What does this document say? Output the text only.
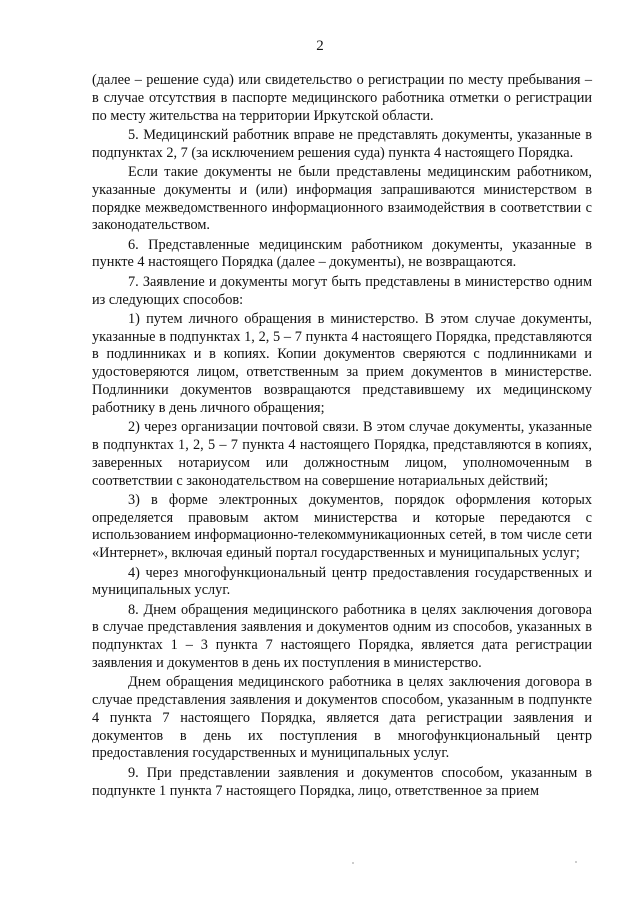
2

(далее – решение суда) или свидетельство о регистрации по месту пребывания – в случае отсутствия в паспорте медицинского работника отметки о регистрации по месту жительства на территории Иркутской области.

5. Медицинский работник вправе не представлять документы, указанные в подпунктах 2, 7 (за исключением решения суда) пункта 4 настоящего Порядка.

Если такие документы не были представлены медицинским работником, указанные документы и (или) информация запрашиваются министерством в порядке межведомственного информационного взаимодействия в соответствии с законодательством.

6. Представленные медицинским работником документы, указанные в пункте 4 настоящего Порядка (далее – документы), не возвращаются.

7. Заявление и документы могут быть представлены в министерство одним из следующих способов:

1) путем личного обращения в министерство. В этом случае документы, указанные в подпунктах 1, 2, 5 – 7 пункта 4 настоящего Порядка, представляются в подлинниках и в копиях. Копии документов сверяются с подлинниками и удостоверяются лицом, ответственным за прием документов в министерстве. Подлинники документов возвращаются представившему их медицинскому работнику в день личного обращения;

2) через организации почтовой связи. В этом случае документы, указанные в подпунктах 1, 2, 5 – 7 пункта 4 настоящего Порядка, представляются в копиях, заверенных нотариусом или должностным лицом, уполномоченным в соответствии с законодательством на совершение нотариальных действий;

3) в форме электронных документов, порядок оформления которых определяется правовым актом министерства и которые передаются с использованием информационно-телекоммуникационных сетей, в том числе сети «Интернет», включая единый портал государственных и муниципальных услуг;

4) через многофункциональный центр предоставления государственных и муниципальных услуг.

8. Днем обращения медицинского работника в целях заключения договора в случае представления заявления и документов одним из способов, указанных в подпунктах 1 – 3 пункта 7 настоящего Порядка, является дата регистрации заявления и документов в день их поступления в министерство.

Днем обращения медицинского работника в целях заключения договора в случае представления заявления и документов способом, указанным в подпункте 4 пункта 7 настоящего Порядка, является дата регистрации заявления и документов в день их поступления в многофункциональный центр предоставления государственных и муниципальных услуг.

9. При представлении заявления и документов способом, указанным в подпункте 1 пункта 7 настоящего Порядка, лицо, ответственное за прием
